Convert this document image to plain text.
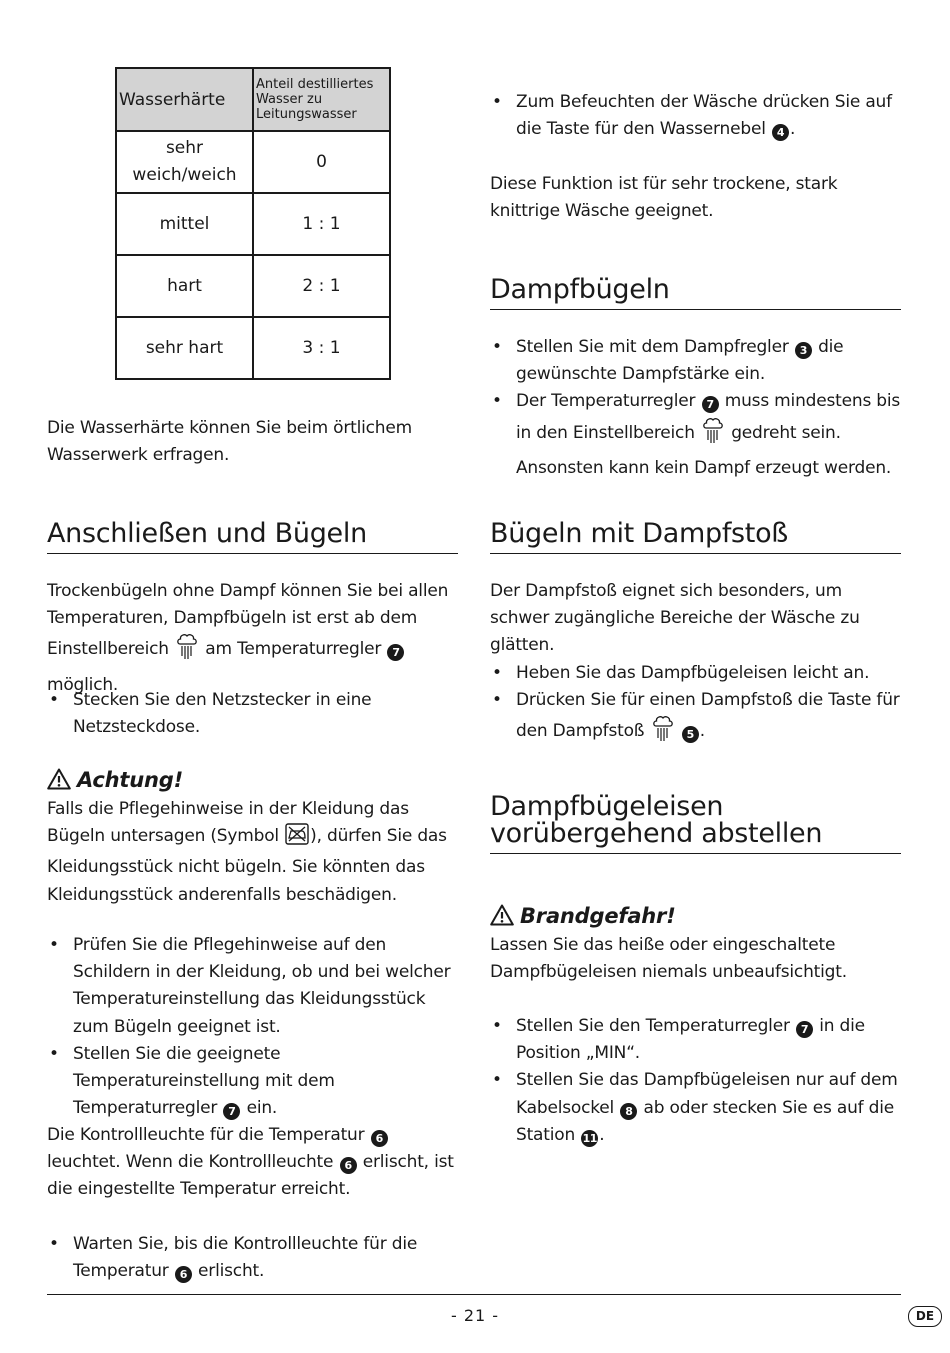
Wasserhärte	Anteil destilliertes Wasser zu Leitungswasser
sehr weich/weich	0
mittel	1 : 1
hart	2 : 1
sehr hart	3 : 1

Die Wasserhärte können Sie beim örtlichem Wasserwerk erfragen.

Anschließen und Bügeln

Trockenbügeln ohne Dampf können Sie bei allen Temperaturen, Dampfbügeln ist erst ab dem Einstellbereich am Temperaturregler 7 möglich.

• Stecken Sie den Netzstecker in eine Netzsteckdose.
Achtung!

Falls die Pflegehinweise in der Kleidung das Bügeln untersagen (Symbol ), dürfen Sie das Kleidungsstück nicht bügeln. Sie könnten das Kleidungsstück anderenfalls beschädigen.

• Prüfen Sie die Pflegehinweise auf den Schildern in der Kleidung, ob und bei welcher Temperatureinstellung das Kleidungsstück zum Bügeln geeignet ist.
• Stellen Sie die geeignete Temperatureinstellung mit dem Temperaturregler 7 ein.

Die Kontrollleuchte für die Temperatur 6 leuchtet. Wenn die Kontrollleuchte 6 erlischt, ist die eingestellte Temperatur erreicht.

• Warten Sie, bis die Kontrollleuchte für die Temperatur 6 erlischt.
• Zum Befeuchten der Wäsche drücken Sie auf die Taste für den Wassernebel 4 .

Diese Funktion ist für sehr trockene, stark knittrige Wäsche geeignet.

Dampfbügeln
• Stellen Sie mit dem Dampfregler 3 die gewünschte Dampfstärke ein.
• Der Temperaturregler 7 muss mindestens bis in den Einstellbereich gedreht sein. Ansonsten kann kein Dampf erzeugt werden.
Bügeln mit Dampfstoß

Der Dampfstoß eignet sich besonders, um schwer zugängliche Bereiche der Wäsche zu glätten.

• Heben Sie das Dampfbügeleisen leicht an.
• Drücken Sie für einen Dampfstoß die Taste für den Dampfstoß	5 .
Dampfbügeleisen
vorübergehend abstellen
Brandgefahr!

Lassen Sie das heiße oder eingeschaltete Dampfbügeleisen niemals unbeaufsichtigt.

• Stellen Sie den Temperaturregler 7 in die Position „MIN“.
• Stellen Sie das Dampfbügeleisen nur auf dem Kabelsockel 8 ab oder stecken Sie es auf die Station 11 .
- 21 -	DE
